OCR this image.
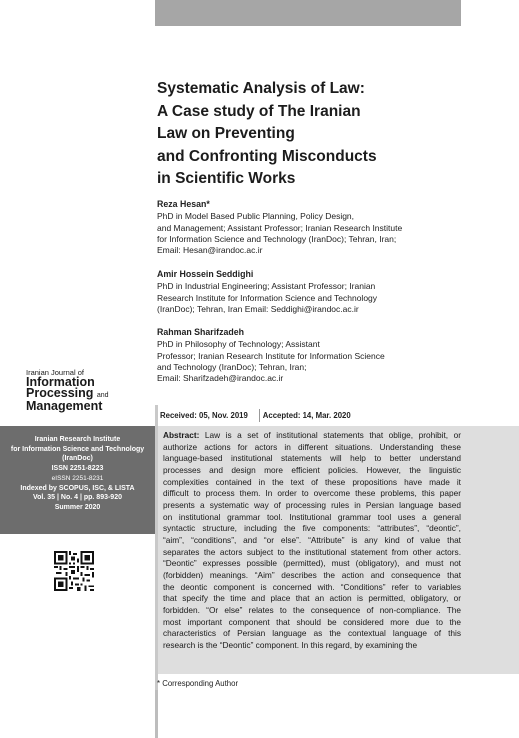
Systematic Analysis of Law:
A Case study of The Iranian
Law on Preventing
and Confronting Misconducts
in Scientific Works
Reza Hesan*
PhD in Model Based Public Planning, Policy Design,
and Management; Assistant Professor; Iranian Research Institute
for Information Science and Technology (IranDoc); Tehran, Iran;
Email: Hesan@irandoc.ac.ir
Amir Hossein Seddighi
PhD in Industrial Engineering; Assistant Professor; Iranian
Research Institute for Information Science and Technology
(IranDoc); Tehran, Iran Email: Seddighi@irandoc.ac.ir
Rahman Sharifzadeh
PhD in Philosophy of Technology; Assistant
Professor; Iranian Research Institute for Information Science
and Technology (IranDoc); Tehran, Iran;
Email: Sharifzadeh@irandoc.ac.ir
Iranian Journal of
Information
Processing and
Management
Iranian Research Institute
for Information Science and Technology
(IranDoc)
ISSN 2251-8223
eISSN 2251-8231
Indexed by SCOPUS, ISC, & LISTA
Vol. 35 | No. 4 | pp. 893-920
Summer 2020
Received: 05, Nov. 2019 Accepted: 14, Mar. 2020
Abstract: Law is a set of institutional statements that oblige, prohibit, or
authorize actions for actors in different situations. Understanding these
language-based institutional statements will help to better understand
processes and design more efficient policies. However, the linguistic
complexities contained in the text of these propositions have made it
difficult to process them. In order to overcome these problems, this paper
presents a systematic way of processing rules in Persian language based
on institutional grammar tool. Institutional grammar tool uses a general
syntactic structure, including the five components: “attributes”, “deontic”,
“aim”, “conditions”, and “or else”. “Attribute” is any kind of value that
separates the actors subject to the institutional statement from other actors.
“Deontic” expresses possible (permitted), must (obligatory), and must not
(forbidden) meanings. “Aim” describes the action and consequence that
the deontic component is concerned with. “Conditions” refer to variables
that specify the time and place that an action is permitted, obligatory, or
forbidden. “Or else” relates to the consequence of non-compliance. The
most important component that should be considered more due to the
characteristics of Persian language as the contextual language of this
research is the “Deontic” component. In this regard, by examining the
* Corresponding Author
